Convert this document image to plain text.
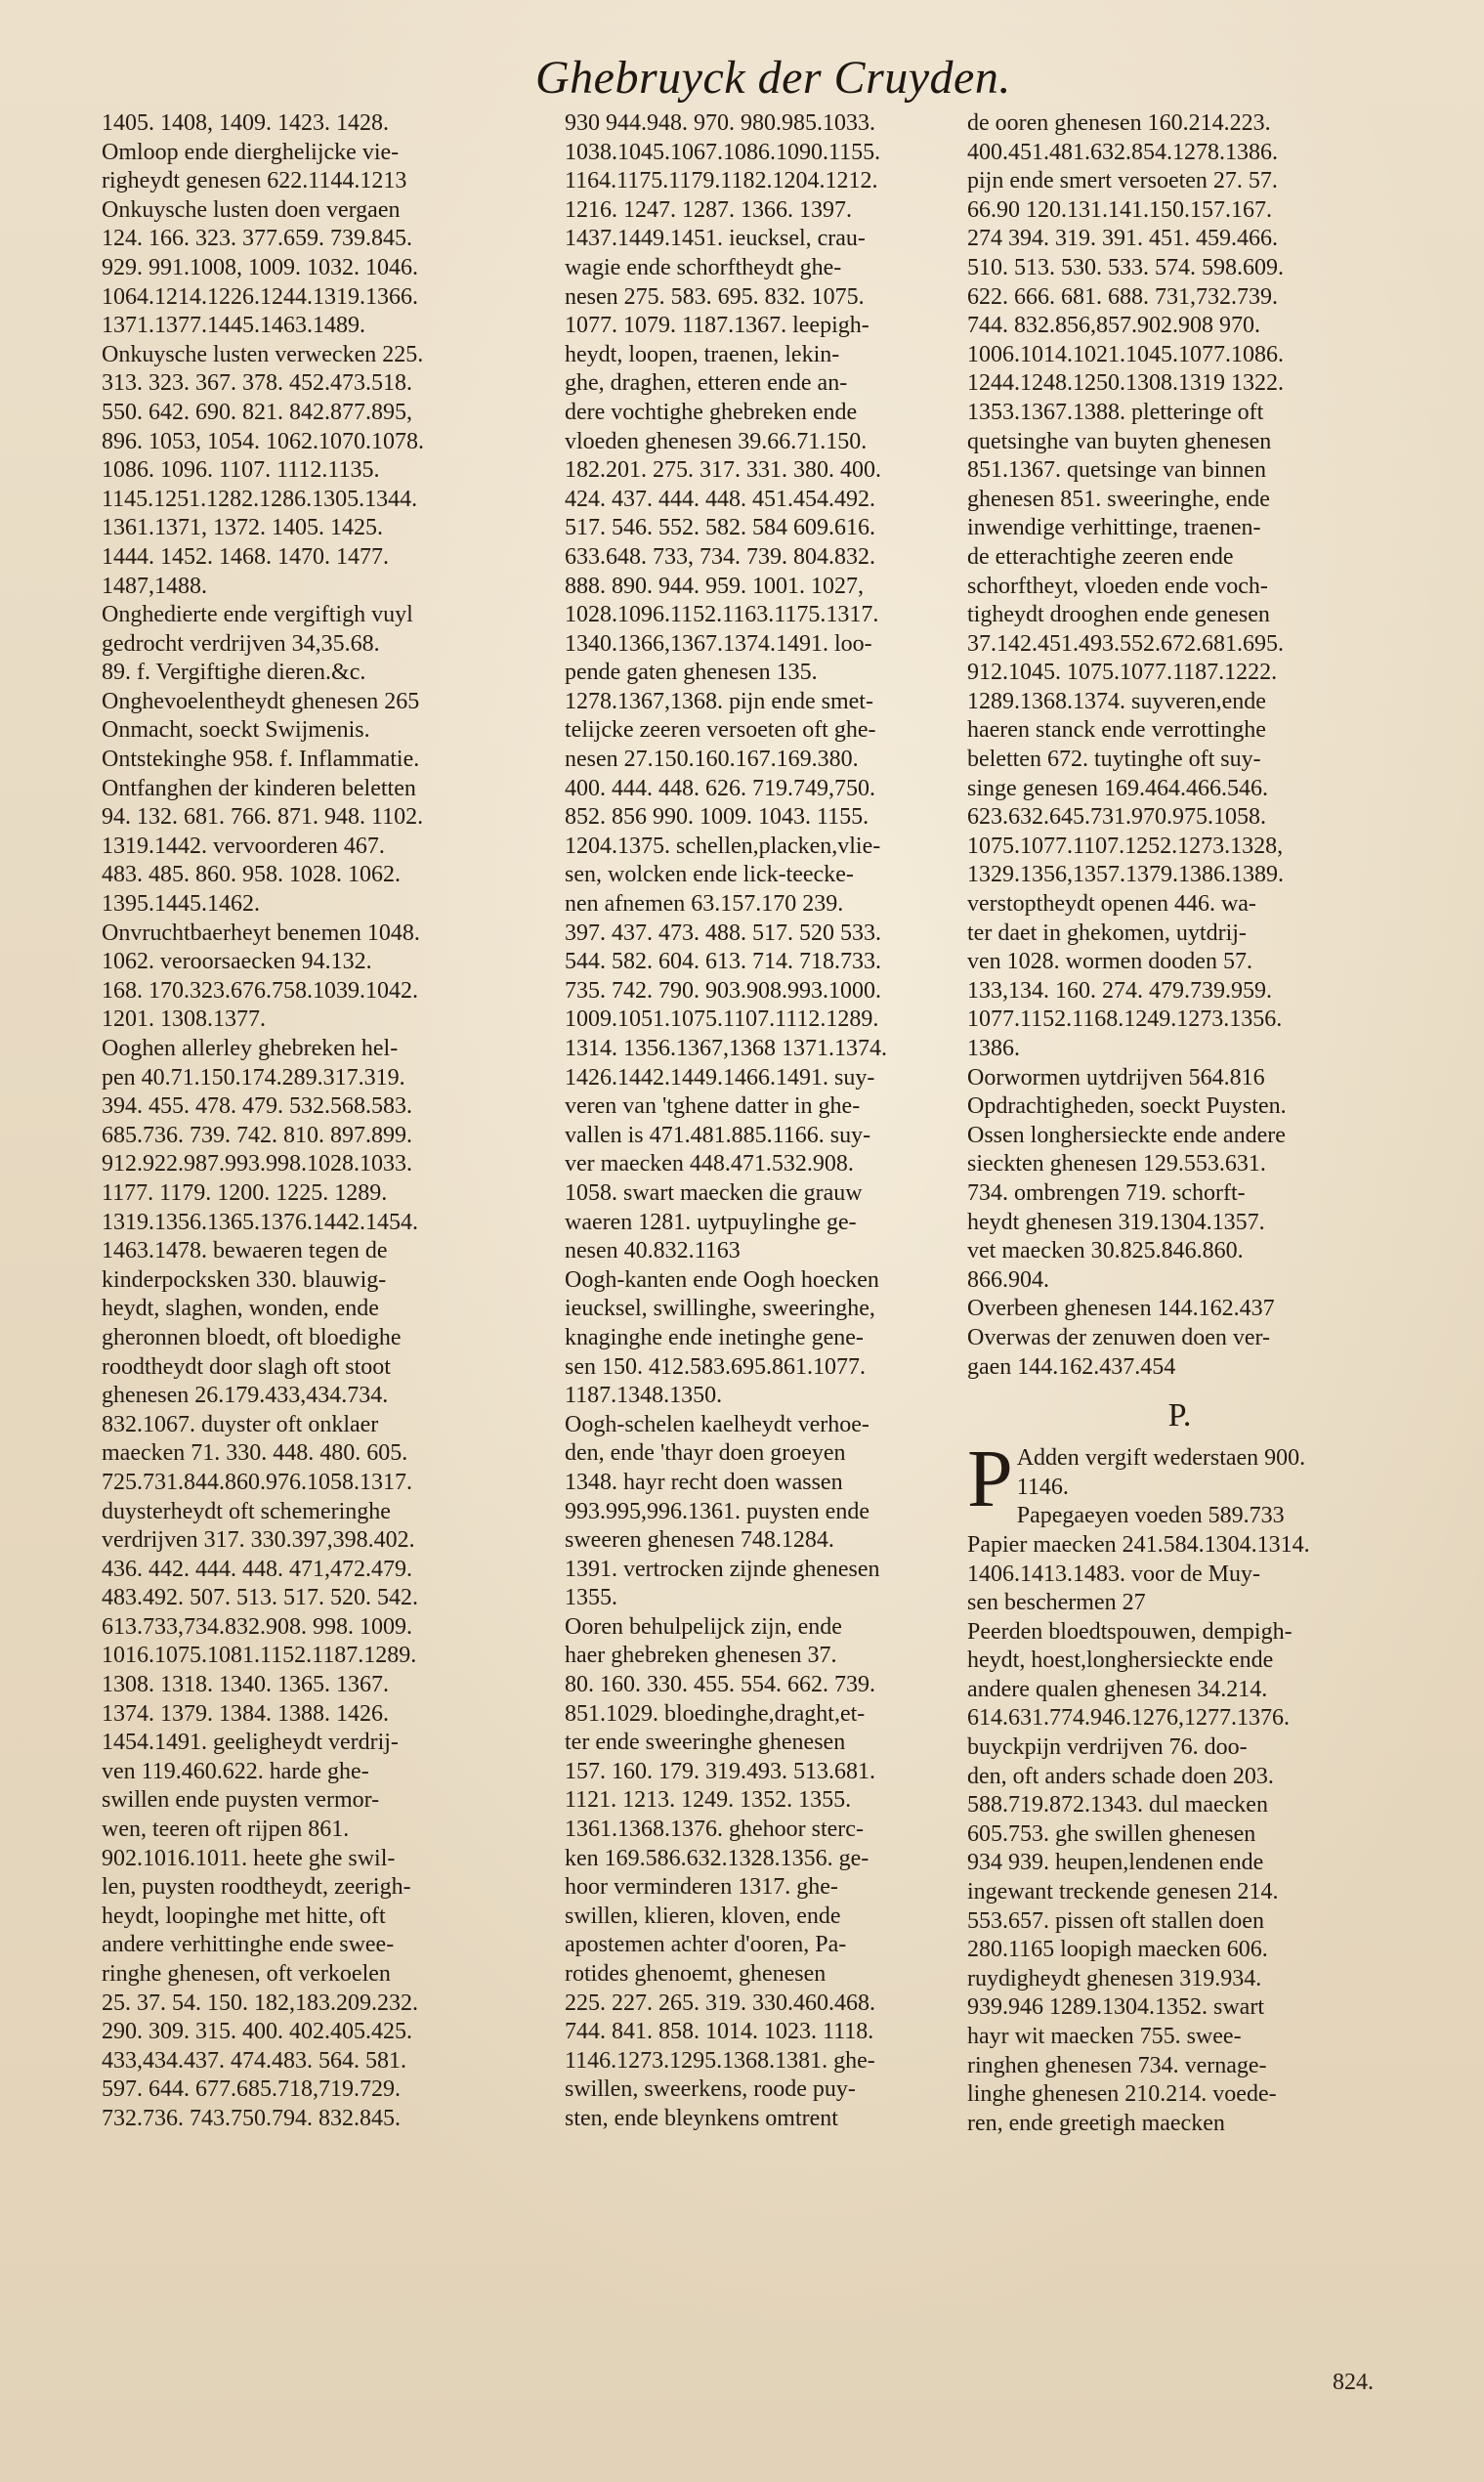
Ghebruyck der Cruyden.
1405. 1408, 1409. 1423. 1428.
Omloop ende dierghelijcke vie-
righeydt genesen 622.1144.1213
Onkuysche lusten doen vergaen
124. 166. 323. 377.659. 739.845.
929. 991.1008, 1009. 1032. 1046.
1064.1214.1226.1244.1319.1366.
1371.1377.1445.1463.1489.
Onkuysche lusten verwecken 225.
313. 323. 367. 378. 452.473.518.
550. 642. 690. 821. 842.877.895,
896. 1053, 1054. 1062.1070.1078.
1086. 1096. 1107. 1112.1135.
1145.1251.1282.1286.1305.1344.
1361.1371, 1372. 1405. 1425.
1444. 1452. 1468. 1470. 1477.
1487,1488.
Onghedierte ende vergiftigh vuyl
gedrocht verdrijven 34,35.68.
89. f. Vergiftighe dieren.&c.
Onghevoelentheydt ghenesen 265
Onmacht, soeckt Swijmenis.
Ontstekinghe 958. f. Inflammatie.
Ontfanghen der kinderen beletten
94. 132. 681. 766. 871. 948. 1102.
1319.1442. vervoorderen 467.
483. 485. 860. 958. 1028. 1062.
1395.1445.1462.
Onvruchtbaerheyt benemen 1048.
1062. veroorsaecken 94.132.
168. 170.323.676.758.1039.1042.
1201. 1308.1377.
Ooghen allerley ghebreken hel-
pen 40.71.150.174.289.317.319.
394. 455. 478. 479. 532.568.583.
685.736. 739. 742. 810. 897.899.
912.922.987.993.998.1028.1033.
1177. 1179. 1200. 1225. 1289.
1319.1356.1365.1376.1442.1454.
1463.1478. bewaeren tegen de
kinderpocksken 330. blauwig-
heydt, slaghen, wonden, ende
gheronnen bloedt, oft bloedighe
roodtheydt door slagh oft stoot
ghenesen 26.179.433,434.734.
832.1067. duyster oft onklaer
maecken 71. 330. 448. 480. 605.
725.731.844.860.976.1058.1317.
duysterheydt oft schemeringhe
verdrijven 317. 330.397,398.402.
436. 442. 444. 448. 471,472.479.
483.492. 507. 513. 517. 520. 542.
613.733,734.832.908. 998. 1009.
1016.1075.1081.1152.1187.1289.
1308. 1318. 1340. 1365. 1367.
1374. 1379. 1384. 1388. 1426.
1454.1491. geeligheydt verdrij-
ven 119.460.622. harde ghe-
swillen ende puysten vermor-
wen, teeren oft rijpen 861.
902.1016.1011. heete ghe swil-
len, puysten roodtheydt, zeerigh-
heydt, loopinghe met hitte, oft
andere verhittinghe ende swee-
ringhe ghenesen, oft verkoelen
25. 37. 54. 150. 182,183.209.232.
290. 309. 315. 400. 402.405.425.
433,434.437. 474.483. 564. 581.
597. 644. 677.685.718,719.729.
732.736. 743.750.794. 832.845.
930 944.948. 970. 980.985.1033.
1038.1045.1067.1086.1090.1155.
1164.1175.1179.1182.1204.1212.
1216. 1247. 1287. 1366. 1397.
1437.1449.1451. ieucksel, crau-
wagie ende schorftheydt ghe-
nesen 275. 583. 695. 832. 1075.
1077. 1079. 1187.1367. leepigh-
heydt, loopen, traenen, lekin-
ghe, draghen, etteren ende an-
dere vochtighe ghebreken ende
vloeden ghenesen 39.66.71.150.
182.201. 275. 317. 331. 380. 400.
424. 437. 444. 448. 451.454.492.
517. 546. 552. 582. 584 609.616.
633.648. 733, 734. 739. 804.832.
888. 890. 944. 959. 1001. 1027,
1028.1096.1152.1163.1175.1317.
1340.1366,1367.1374.1491. loo-
pende gaten ghenesen 135.
1278.1367,1368. pijn ende smet-
telijcke zeeren versoeten oft ghe-
nesen 27.150.160.167.169.380.
400. 444. 448. 626. 719.749,750.
852. 856 990. 1009. 1043. 1155.
1204.1375. schellen,placken,vlie-
sen, wolcken ende lick-teecke-
nen afnemen 63.157.170 239.
397. 437. 473. 488. 517. 520 533.
544. 582. 604. 613. 714. 718.733.
735. 742. 790. 903.908.993.1000.
1009.1051.1075.1107.1112.1289.
1314. 1356.1367,1368 1371.1374.
1426.1442.1449.1466.1491. suy-
veren van 'tghene datter in ghe-
vallen is 471.481.885.1166. suy-
ver maecken 448.471.532.908.
1058. swart maecken die grauw
waeren 1281. uytpuylinghe ge-
nesen 40.832.1163
Oogh-kanten ende Oogh hoecken
ieucksel, swillinghe, sweeringhe,
knaginghe ende inetinghe gene-
sen 150. 412.583.695.861.1077.
1187.1348.1350.
Oogh-schelen kaelheydt verhoe-
den, ende 'thayr doen groeyen
1348. hayr recht doen wassen
993.995,996.1361. puysten ende
sweeren ghenesen 748.1284.
1391. vertrocken zijnde ghenesen
1355.
Ooren behulpelijck zijn, ende
haer ghebreken ghenesen 37.
80. 160. 330. 455. 554. 662. 739.
851.1029. bloedinghe,draght,et-
ter ende sweeringhe ghenesen
157. 160. 179. 319.493. 513.681.
1121. 1213. 1249. 1352. 1355.
1361.1368.1376. ghehoor sterc-
ken 169.586.632.1328.1356. ge-
hoor verminderen 1317. ghe-
swillen, klieren, kloven, ende
apostemen achter d'ooren, Pa-
rotides ghenoemt, ghenesen
225. 227. 265. 319. 330.460.468.
744. 841. 858. 1014. 1023. 1118.
1146.1273.1295.1368.1381. ghe-
swillen, sweerkens, roode puy-
sten, ende bleynkens omtrent
de ooren ghenesen 160.214.223.
400.451.481.632.854.1278.1386.
pijn ende smert versoeten 27. 57.
66.90 120.131.141.150.157.167.
274 394. 319. 391. 451. 459.466.
510. 513. 530. 533. 574. 598.609.
622. 666. 681. 688. 731,732.739.
744. 832.856,857.902.908 970.
1006.1014.1021.1045.1077.1086.
1244.1248.1250.1308.1319 1322.
1353.1367.1388. pletteringe oft
quetsinghe van buyten ghenesen
851.1367. quetsinge van binnen
ghenesen 851. sweeringhe, ende
inwendige verhittinge, traenen-
de etterachtighe zeeren ende
schorftheyt, vloeden ende voch-
tigheydt drooghen ende genesen
37.142.451.493.552.672.681.695.
912.1045. 1075.1077.1187.1222.
1289.1368.1374. suyveren,ende
haeren stanck ende verrottinghe
beletten 672. tuytinghe oft suy-
singe genesen 169.464.466.546.
623.632.645.731.970.975.1058.
1075.1077.1107.1252.1273.1328,
1329.1356,1357.1379.1386.1389.
verstoptheydt openen 446. wa-
ter daet in ghekomen, uytdrij-
ven 1028. wormen dooden 57.
133,134. 160. 274. 479.739.959.
1077.1152.1168.1249.1273.1356.
1386.
Oorwormen uytdrijven 564.816
Opdrachtigheden, soeckt Puysten.
Ossen longhersieckte ende andere
sieckten ghenesen 129.553.631.
734. ombrengen 719. schorft-
heydt ghenesen 319.1304.1357.
vet maecken 30.825.846.860.
866.904.
Overbeen ghenesen 144.162.437
Overwas der zenuwen doen ver-
gaen 144.162.437.454
P.
P Adden vergift wederstaen 900.
1146.
Papegaeyen voeden 589.733
Papier maecken 241.584.1304.1314.
1406.1413.1483. voor de Muy-
sen beschermen 27
Peerden bloedtspouwen, dempigh-
heydt, hoest,longhersieckte ende
andere qualen ghenesen 34.214.
614.631.774.946.1276,1277.1376.
buyckpijn verdrijven 76. doo-
den, oft anders schade doen 203.
588.719.872.1343. dul maecken
605.753. ghe swillen ghenesen
934 939. heupen,lendenen ende
ingewant treckende genesen 214.
553.657. pissen oft stallen doen
280.1165 loopigh maecken 606.
ruydigheydt ghenesen 319.934.
939.946 1289.1304.1352. swart
hayr wit maecken 755. swee-
ringhen ghenesen 734. vernage-
linghe ghenesen 210.214. voede-
ren, ende greetigh maecken
824.
